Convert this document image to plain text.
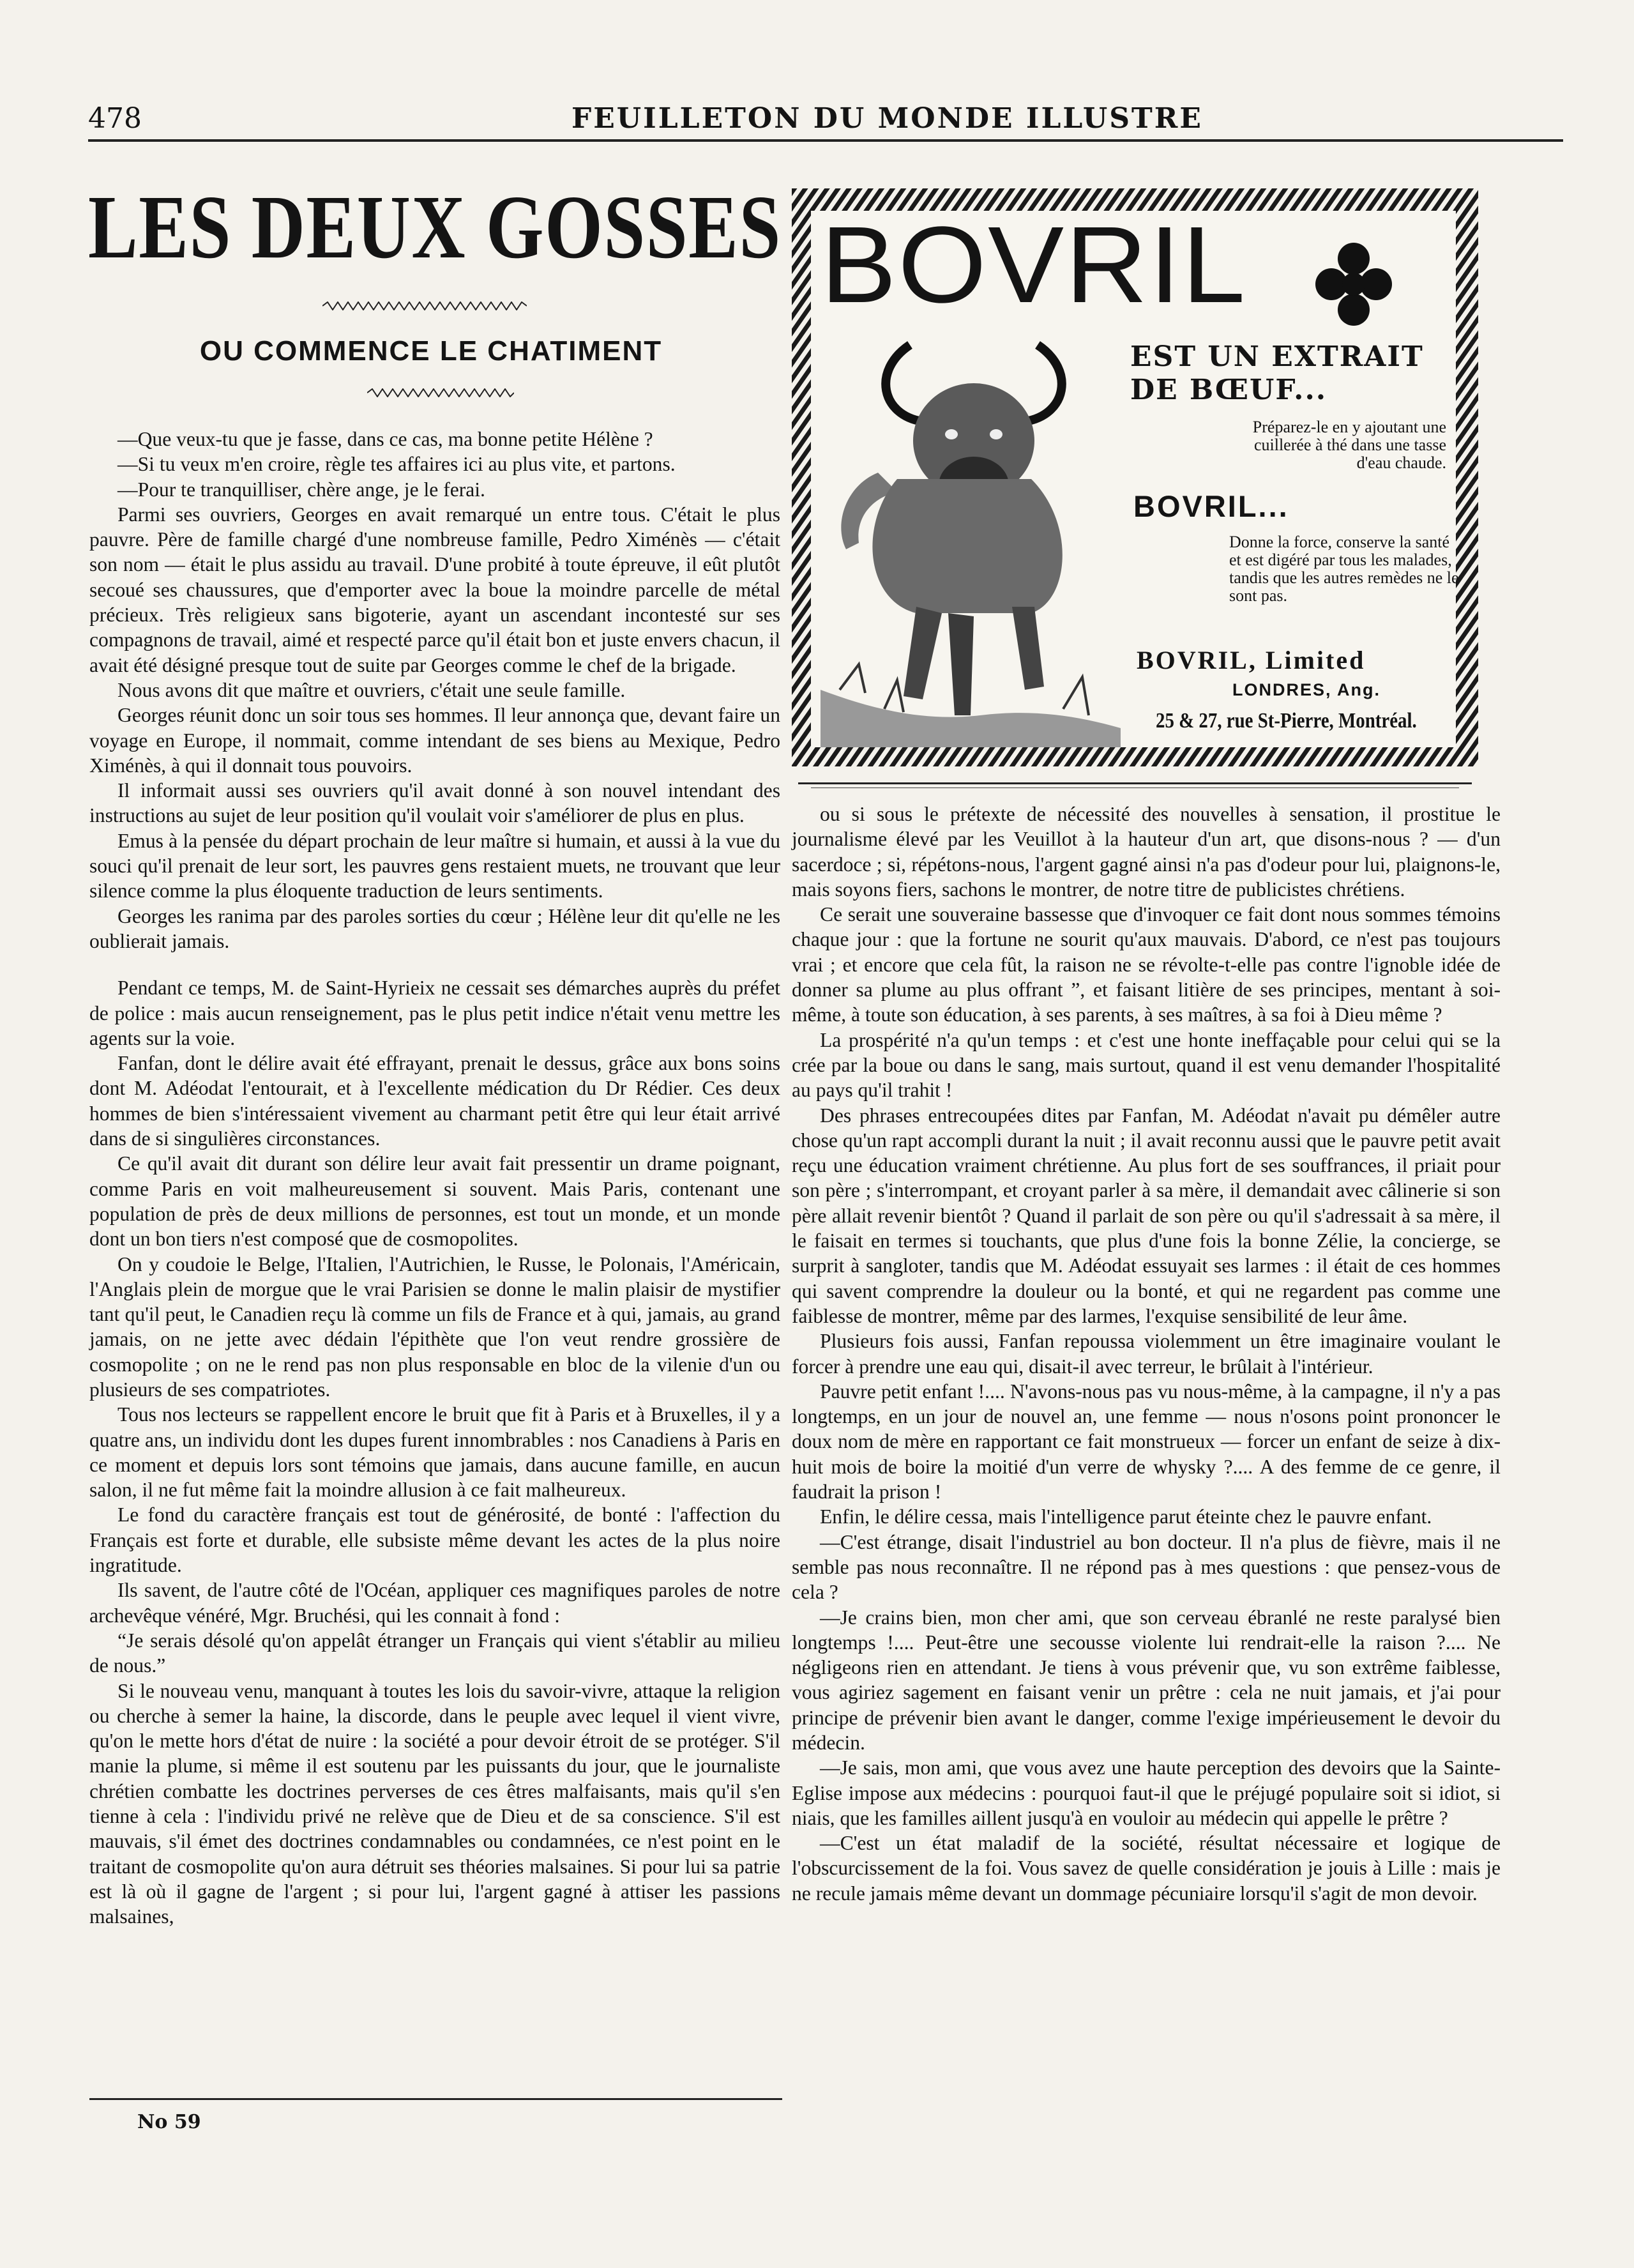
478	FEUILLETON DU MONDE ILLUSTRE
LES DEUX GOSSES
OU COMMENCE LE CHATIMENT

—Que veux-tu que je fasse, dans ce cas, ma bonne petite Hélène ?

—Si tu veux m'en croire, règle tes affaires ici au plus vite, et partons.

—Pour te tranquilliser, chère ange, je le ferai.

Parmi ses ouvriers, Georges en avait remarqué un entre tous. C'était le plus pauvre. Père de famille chargé d'une nombreuse famille, Pedro Ximénès — c'était son nom — était le plus assidu au travail. D'une probité à toute épreuve, il eût plutôt secoué ses chaussures, que d'emporter avec la boue la moindre parcelle de métal précieux. Très religieux sans bigoterie, ayant un ascendant incontesté sur ses compagnons de travail, aimé et respecté parce qu'il était bon et juste envers chacun, il avait été désigné presque tout de suite par Georges comme le chef de la brigade.

Nous avons dit que maître et ouvriers, c'était une seule famille.

Georges réunit donc un soir tous ses hommes. Il leur annonça que, devant faire un voyage en Europe, il nommait, comme intendant de ses biens au Mexique, Pedro Ximénès, à qui il donnait tous pouvoirs.

Il informait aussi ses ouvriers qu'il avait donné à son nouvel intendant des instructions au sujet de leur position qu'il voulait voir s'améliorer de plus en plus.

Emus à la pensée du départ prochain de leur maître si humain, et aussi à la vue du souci qu'il prenait de leur sort, les pauvres gens restaient muets, ne trouvant que leur silence comme la plus éloquente traduction de leurs sentiments.

Georges les ranima par des paroles sorties du cœur ; Hélène leur dit qu'elle ne les oublierait jamais.

Pendant ce temps, M. de Saint-Hyrieix ne cessait ses démarches auprès du préfet de police : mais aucun renseignement, pas le plus petit indice n'était venu mettre les agents sur la voie.

Fanfan, dont le délire avait été effrayant, prenait le dessus, grâce aux bons soins dont M. Adéodat l'entourait, et à l'excellente médication du Dr Rédier. Ces deux hommes de bien s'intéressaient vivement au charmant petit être qui leur était arrivé dans de si singulières circonstances.

Ce qu'il avait dit durant son délire leur avait fait pressentir un drame poignant, comme Paris en voit malheureusement si souvent. Mais Paris, contenant une population de près de deux millions de personnes, est tout un monde, et un monde dont un bon tiers n'est composé que de cosmopolites.

On y coudoie le Belge, l'Italien, l'Autrichien, le Russe, le Polonais, l'Américain, l'Anglais plein de morgue que le vrai Parisien se donne le malin plaisir de mystifier tant qu'il peut, le Canadien reçu là comme un fils de France et à qui, jamais, au grand jamais, on ne jette avec dédain l'épithète que l'on veut rendre grossière de cosmopolite ; on ne le rend pas non plus responsable en bloc de la vilenie d'un ou plusieurs de ses compatriotes.

Tous nos lecteurs se rappellent encore le bruit que fit à Paris et à Bruxelles, il y a quatre ans, un individu dont les dupes furent innombrables : nos Canadiens à Paris en ce moment et depuis lors sont témoins que jamais, dans aucune famille, en aucun salon, il ne fut même fait la moindre allusion à ce fait malheureux.

Le fond du caractère français est tout de générosité, de bonté : l'affection du Français est forte et durable, elle subsiste même devant les actes de la plus noire ingratitude.

Ils savent, de l'autre côté de l'Océan, appliquer ces magnifiques paroles de notre archevêque vénéré, Mgr. Bruchési, qui les connait à fond :

“Je serais désolé qu'on appelât étranger un Français qui vient s'établir au milieu de nous.”

Si le nouveau venu, manquant à toutes les lois du savoir-vivre, attaque la religion ou cherche à semer la haine, la discorde, dans le peuple avec lequel il vient vivre, qu'on le mette hors d'état de nuire : la société a pour devoir étroit de se protéger. S'il manie la plume, si même il est soutenu par les puissants du jour, que le journaliste chrétien combatte les doctrines perverses de ces êtres malfaisants, mais qu'il s'en tienne à cela : l'individu privé ne relève que de Dieu et de sa conscience. S'il est mauvais, s'il émet des doctrines condamnables ou condamnées, ce n'est point en le traitant de cosmopolite qu'on aura détruit ses théories malsaines. Si pour lui sa patrie est là où il gagne de l'argent ; si pour lui, l'argent gagné à attiser les passions malsaines,

BOVRIL
EST UN EXTRAIT
DE BŒUF...
Préparez-le en y ajoutant une cuillerée à thé dans une tasse d'eau chaude.
BOVRIL...
Donne la force, conserve la santé et est digéré par tous les malades, tandis que les autres remèdes ne le sont pas.
BOVRIL, Limited
LONDRES, Ang.
25 & 27, rue St-Pierre, Montréal.

ou si sous le prétexte de nécessité des nouvelles à sensation, il prostitue le journalisme élevé par les Veuillot à la hauteur d'un art, que disons-nous ? — d'un sacerdoce ; si, répétons-nous, l'argent gagné ainsi n'a pas d'odeur pour lui, plaignons-le, mais soyons fiers, sachons le montrer, de notre titre de publicistes chrétiens.

Ce serait une souveraine bassesse que d'invoquer ce fait dont nous sommes témoins chaque jour : que la fortune ne sourit qu'aux mauvais. D'abord, ce n'est pas toujours vrai ; et encore que cela fût, la raison ne se révolte-t-elle pas contre l'ignoble idée de donner sa plume au plus offrant ”, et faisant litière de ses principes, mentant à soi-même, à toute son éducation, à ses parents, à ses maîtres, à sa foi à Dieu même ?

La prospérité n'a qu'un temps : et c'est une honte ineffaçable pour celui qui se la crée par la boue ou dans le sang, mais surtout, quand il est venu demander l'hospitalité au pays qu'il trahit !

Des phrases entrecoupées dites par Fanfan, M. Adéodat n'avait pu démêler autre chose qu'un rapt accompli durant la nuit ; il avait reconnu aussi que le pauvre petit avait reçu une éducation vraiment chrétienne. Au plus fort de ses souffrances, il priait pour son père ; s'interrompant, et croyant parler à sa mère, il demandait avec câlinerie si son père allait revenir bientôt ? Quand il parlait de son père ou qu'il s'adressait à sa mère, il le faisait en termes si touchants, que plus d'une fois la bonne Zélie, la concierge, se surprit à sangloter, tandis que M. Adéodat essuyait ses larmes : il était de ces hommes qui savent comprendre la douleur ou la bonté, et qui ne regardent pas comme une faiblesse de montrer, même par des larmes, l'exquise sensibilité de leur âme.

Plusieurs fois aussi, Fanfan repoussa violemment un être imaginaire voulant le forcer à prendre une eau qui, disait-il avec terreur, le brûlait à l'intérieur.

Pauvre petit enfant !.... N'avons-nous pas vu nous-même, à la campagne, il n'y a pas longtemps, en un jour de nouvel an, une femme — nous n'osons point prononcer le doux nom de mère en rapportant ce fait monstrueux — forcer un enfant de seize à dix-huit mois de boire la moitié d'un verre de whysky ?.... A des femme de ce genre, il faudrait la prison !

Enfin, le délire cessa, mais l'intelligence parut éteinte chez le pauvre enfant.

—C'est étrange, disait l'industriel au bon docteur. Il n'a plus de fièvre, mais il ne semble pas nous reconnaître. Il ne répond pas à mes questions : que pensez-vous de cela ?

—Je crains bien, mon cher ami, que son cerveau ébranlé ne reste paralysé bien longtemps !.... Peut-être une secousse violente lui rendrait-elle la raison ?.... Ne négligeons rien en attendant. Je tiens à vous prévenir que, vu son extrême faiblesse, vous agiriez sagement en faisant venir un prêtre : cela ne nuit jamais, et j'ai pour principe de prévenir bien avant le danger, comme l'exige impérieusement le devoir du médecin.

—Je sais, mon ami, que vous avez une haute perception des devoirs que la Sainte-Eglise impose aux médecins : pourquoi faut-il que le préjugé populaire soit si idiot, si niais, que les familles aillent jusqu'à en vouloir au médecin qui appelle le prêtre ?

—C'est un état maladif de la société, résultat nécessaire et logique de l'obscurcissement de la foi. Vous savez de quelle considération je jouis à Lille : mais je ne recule jamais même devant un dommage pécuniaire lorsqu'il s'agit de mon devoir.

No 59
